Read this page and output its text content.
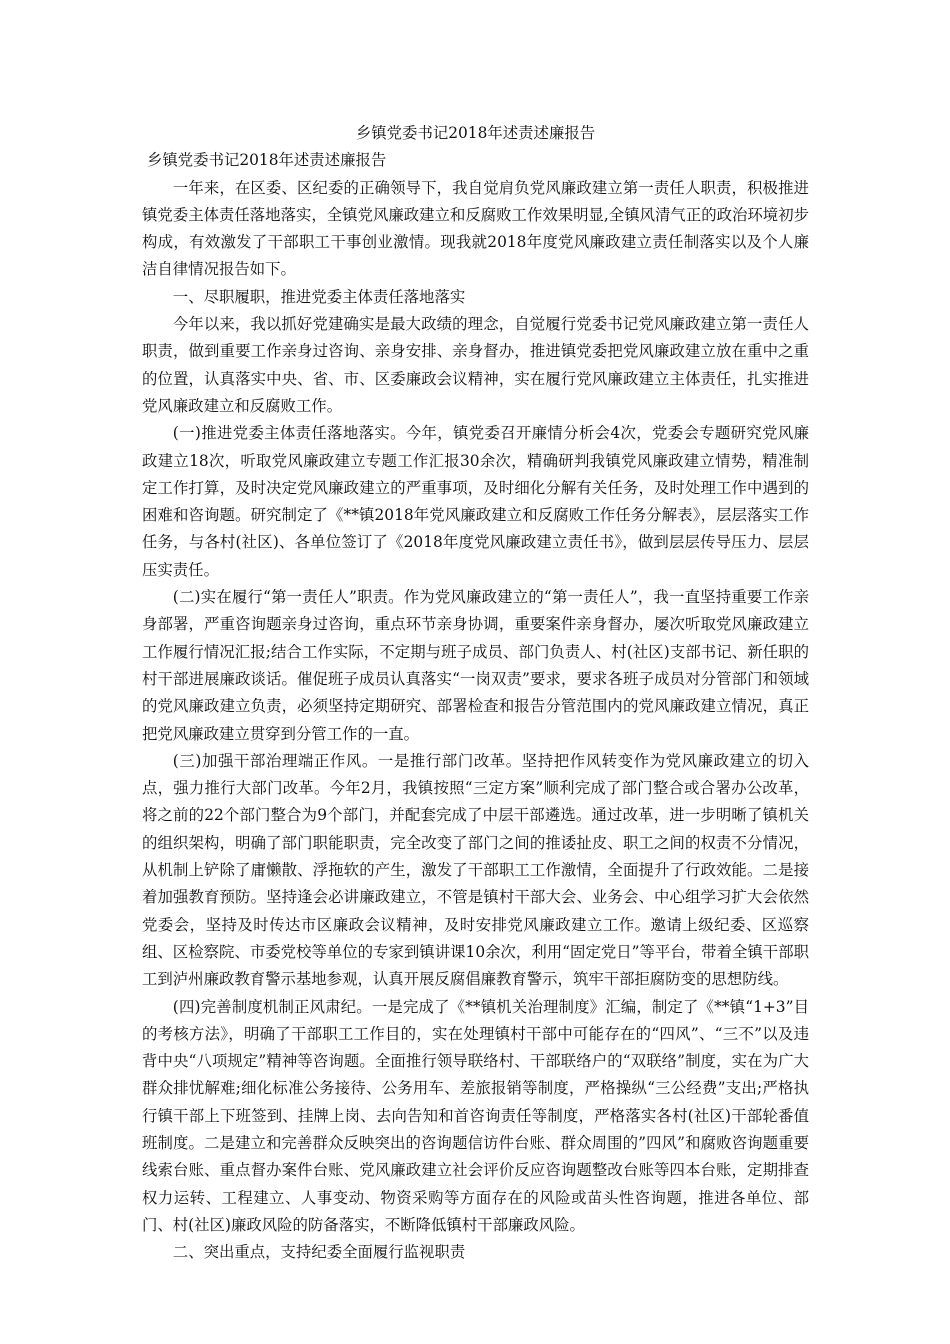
乡镇党委书记2018年述责述廉报告

乡镇党委书记2018年述责述廉报告

一年来，在区委、区纪委的正确领导下，我自觉肩负党风廉政建立第一责任人职责，积极推进镇党委主体责任落地落实，全镇党风廉政建立和反腐败工作效果明显,全镇风清气正的政治环境初步构成，有效激发了干部职工干事创业激情。现我就2018年度党风廉政建立责任制落实以及个人廉洁自律情况报告如下。

一、尽职履职，推进党委主体责任落地落实

今年以来，我以抓好党建确实是最大政绩的理念，自觉履行党委书记党风廉政建立第一责任人职责，做到重要工作亲身过咨询、亲身安排、亲身督办，推进镇党委把党风廉政建立放在重中之重的位置，认真落实中央、省、市、区委廉政会议精神，实在履行党风廉政建立主体责任，扎实推进党风廉政建立和反腐败工作。

(一)推进党委主体责任落地落实。今年，镇党委召开廉情分析会4次，党委会专题研究党风廉政建立18次，听取党风廉政建立专题工作汇报30余次，精确研判我镇党风廉政建立情势，精准制定工作打算，及时决定党风廉政建立的严重事项，及时细化分解有关任务，及时处理工作中遇到的困难和咨询题。研究制定了《**镇2018年党风廉政建立和反腐败工作任务分解表》，层层落实工作任务，与各村(社区)、各单位签订了《2018年度党风廉政建立责任书》，做到层层传导压力、层层压实责任。

(二)实在履行“第一责任人”职责。作为党风廉政建立的“第一责任人”，我一直坚持重要工作亲身部署，严重咨询题亲身过咨询，重点环节亲身协调，重要案件亲身督办，屡次听取党风廉政建立工作履行情况汇报;结合工作实际，不定期与班子成员、部门负责人、村(社区)支部书记、新任职的村干部进展廉政谈话。催促班子成员认真落实“一岗双责”要求，要求各班子成员对分管部门和领域的党风廉政建立负责，必须坚持定期研究、部署检查和报告分管范围内的党风廉政建立情况，真正把党风廉政建立贯穿到分管工作的一直。

(三)加强干部治理端正作风。一是推行部门改革。坚持把作风转变作为党风廉政建立的切入点，强力推行大部门改革。今年2月，我镇按照“三定方案”顺利完成了部门整合或合署办公改革，将之前的22个部门整合为9个部门，并配套完成了中层干部遴选。通过改革，进一步明晰了镇机关的组织架构，明确了部门职能职责，完全改变了部门之间的推诿扯皮、职工之间的权责不分情况，从机制上铲除了庸懒散、浮拖软的产生，激发了干部职工工作激情，全面提升了行政效能。二是接着加强教育预防。坚持逢会必讲廉政建立，不管是镇村干部大会、业务会、中心组学习扩大会依然党委会，坚持及时传达市区廉政会议精神，及时安排党风廉政建立工作。邀请上级纪委、区巡察组、区检察院、市委党校等单位的专家到镇讲课10余次，利用“固定党日”等平台，带着全镇干部职工到泸州廉政教育警示基地参观，认真开展反腐倡廉教育警示，筑牢干部拒腐防变的思想防线。

(四)完善制度机制正风肃纪。一是完成了《**镇机关治理制度》汇编，制定了《**镇“1+3”目的考核方法》，明确了干部职工工作目的，实在处理镇村干部中可能存在的“四风”、“三不”以及违背中央“八项规定”精神等咨询题。全面推行领导联络村、干部联络户的“双联络”制度，实在为广大群众排忧解难;细化标准公务接待、公务用车、差旅报销等制度，严格操纵“三公经费”支出;严格执行镇干部上下班签到、挂牌上岗、去向告知和首咨询责任等制度，严格落实各村(社区)干部轮番值班制度。二是建立和完善群众反映突出的咨询题信访件台账、群众周围的”四风”和腐败咨询题重要线索台账、重点督办案件台账、党风廉政建立社会评价反应咨询题整改台账等四本台账，定期排查权力运转、工程建立、人事变动、物资采购等方面存在的风险或苗头性咨询题，推进各单位、部门、村(社区)廉政风险的防备落实，不断降低镇村干部廉政风险。

二、突出重点，支持纪委全面履行监视职责
